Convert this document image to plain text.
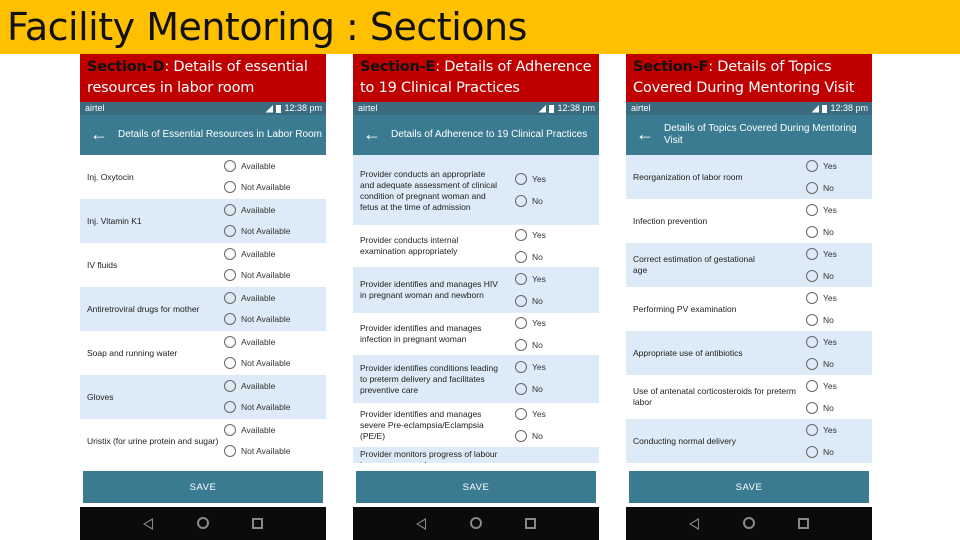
Facility Mentoring : Sections
Section-D: Details of essential resources in labor room
airtel	12:38 pm
← Details of Essential Resources in Labor Room
Inj. Oxytocin
Available
Not Available
Inj. Vitamin K1
Available
Not Available
IV fluids
Available
Not Available
Antiretroviral drugs for mother
Available
Not Available
Soap and running water
Available
Not Available
Gloves
Available
Not Available
Uristix (for urine protein and sugar)
Available
Not Available
SAVE
Section-E: Details of Adherence to 19 Clinical Practices
airtel	12:38 pm
← Details of Adherence to 19 Clinical Practices
Provider conducts an appropriate and adequate assessment of clinical condition of pregnant woman and fetus at the time of admission
Yes
No
Provider conducts internal examination appropriately
Yes
No
Provider identifies and manages HIV in pregnant woman and newborn
Yes
No
Provider identifies and manages infection in pregnant woman
Yes
No
Provider identifies conditions leading to preterm delivery and facilitates preventive care
Yes
No
Provider identifies and manages severe Pre-eclampsia/Eclampsia (PE/E)
Yes
No
Provider monitors progress of labour
SAVE
Section-F: Details of Topics Covered During Mentoring Visit
airtel	12:38 pm
← Details of Topics Covered During Mentoring Visit
Reorganization of labor room
Yes
No
Infection prevention
Yes
No
Correct estimation of gestational age
Yes
No
Performing PV examination
Yes
No
Appropriate use of antibiotics
Yes
No
Use of antenatal corticosteroids for preterm labor
Yes
No
Conducting normal delivery
Yes
No
SAVE
